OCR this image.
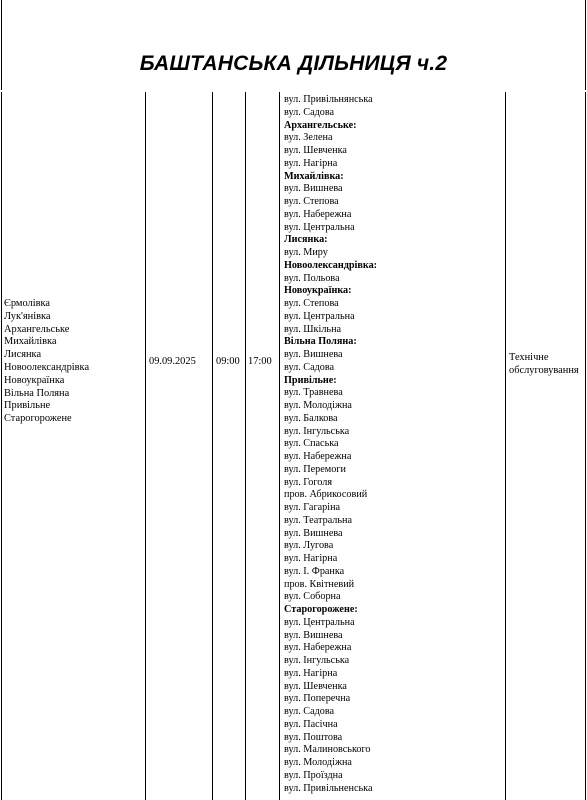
БАШТАНСЬКА ДІЛЬНИЦЯ ч.2
Єрмолівка
Лук'янівка
Архангельське
Михайлівка
Лисянка
Новоолександрівка
Новоукраїнка
Вільна Поляна
Привільне
Старогорожене
09.09.2025 09:00 17:00	Технічне
обслуговування
вул. Привільнянська
вул. Садова
Архангельське:
вул. Зелена
вул. Шевченка
вул. Нагірна
Михайлівка:
вул. Вишнева
вул. Степова
вул. Набережна
вул. Центральна
Лисянка:
вул. Миру
Новоолександрівка:
вул. Польова
Новоукраїнка:
вул. Степова
вул. Центральна
вул. Шкільна
Вільна Поляна:
вул. Вишнева
вул. Садова
Привільне:
вул. Травнева
вул. Молодіжна
вул. Балкова
вул. Інгульська
вул. Спаська
вул. Набережна
вул. Перемоги
вул. Гоголя
пров. Абрикосовий
вул. Гагаріна
вул. Театральна
вул. Вишнева
вул. Лугова
вул. Нагірна
вул. І. Франка
пров. Квітневий
вул. Соборна
Старогорожене:
вул. Центральна
вул. Вишнева
вул. Набережна
вул. Інгульська
вул. Нагірна
вул. Шевченка
вул. Поперечна
вул. Садова
вул. Пасічна
вул. Поштова
вул. Малиновського
вул. Молодіжна
вул. Проїздна
вул. Привільненська
